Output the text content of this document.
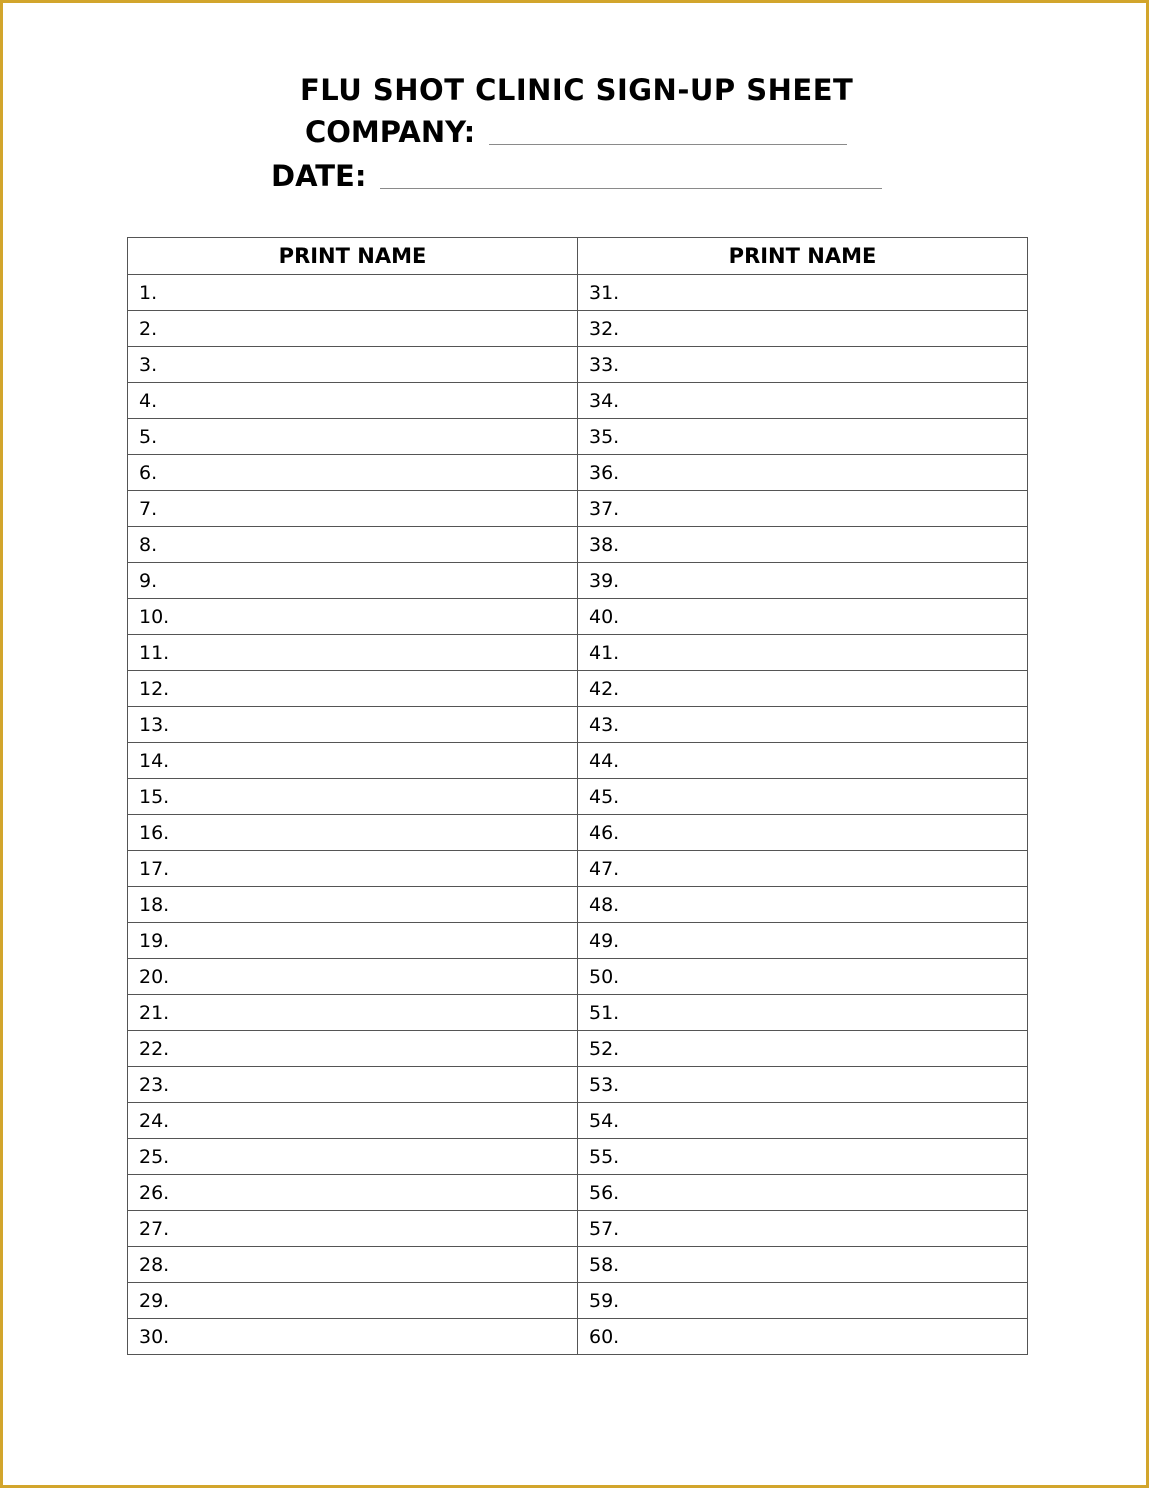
FLU SHOT CLINIC SIGN-UP SHEET
COMPANY:
DATE:
PRINT NAME	PRINT NAME
1.	31.
2.	32.
3.	33.
4.	34.
5.	35.
6.	36.
7.	37.
8.	38.
9.	39.
10.	40.
11.	41.
12.	42.
13.	43.
14.	44.
15.	45.
16.	46.
17.	47.
18.	48.
19.	49.
20.	50.
21.	51.
22.	52.
23.	53.
24.	54.
25.	55.
26.	56.
27.	57.
28.	58.
29.	59.
30.	60.
